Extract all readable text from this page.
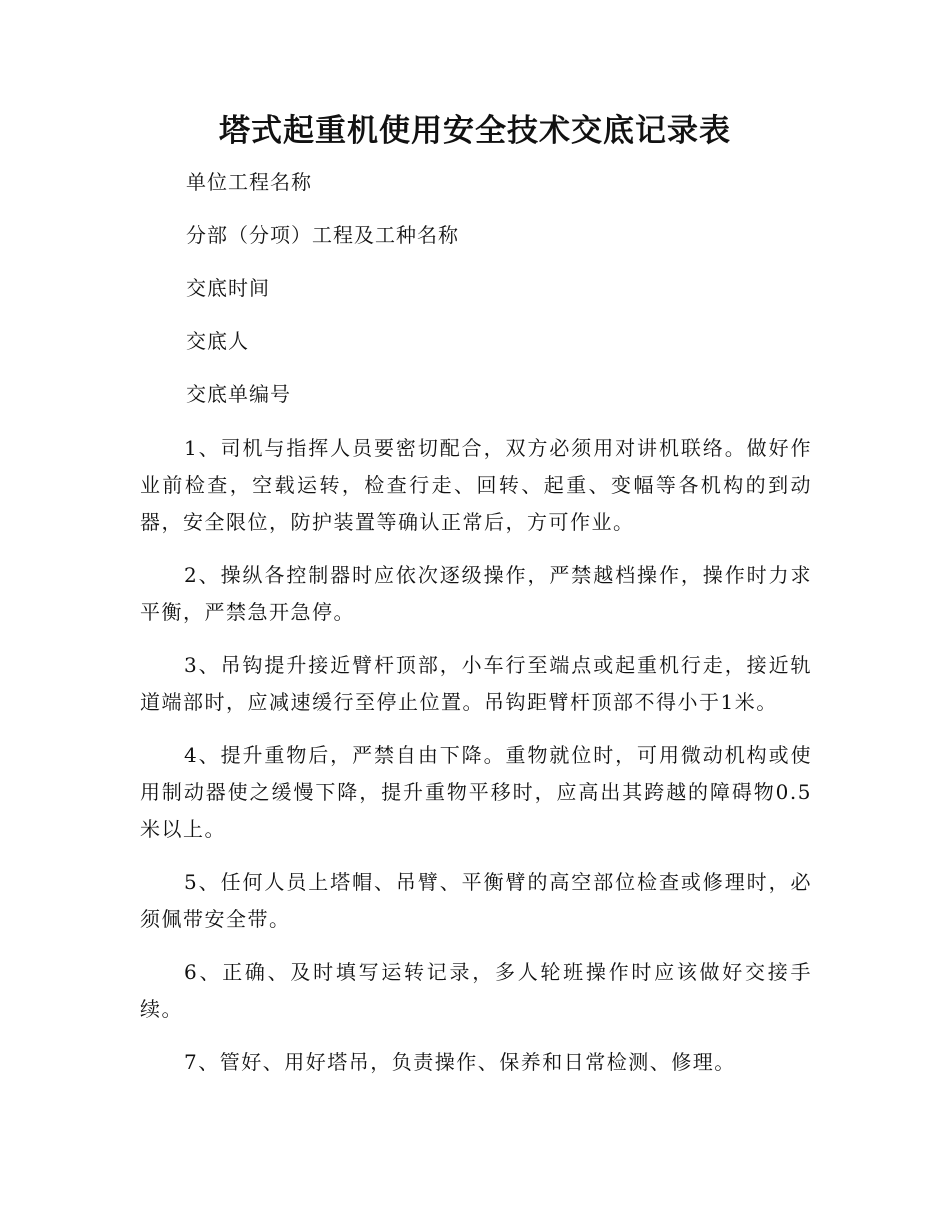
塔式起重机使用安全技术交底记录表
单位工程名称
分部（分项）工程及工种名称
交底时间
交底人
交底单编号

1、司机与指挥人员要密切配合，双方必须用对讲机联络。做好作业前检查，空载运转，检查行走、回转、起重、变幅等各机构的到动器，安全限位，防护装置等确认正常后，方可作业。

2、操纵各控制器时应依次逐级操作，严禁越档操作，操作时力求平衡，严禁急开急停。

3、吊钩提升接近臂杆顶部，小车行至端点或起重机行走，接近轨道端部时，应减速缓行至停止位置。吊钩距臂杆顶部不得小于1米。

4、提升重物后，严禁自由下降。重物就位时，可用微动机构或使用制动器使之缓慢下降，提升重物平移时，应高出其跨越的障碍物0.5米以上。

5、任何人员上塔帽、吊臂、平衡臂的高空部位检查或修理时，必须佩带安全带。

6、正确、及时填写运转记录，多人轮班操作时应该做好交接手续。

7、管好、用好塔吊，负责操作、保养和日常检测、修理。
